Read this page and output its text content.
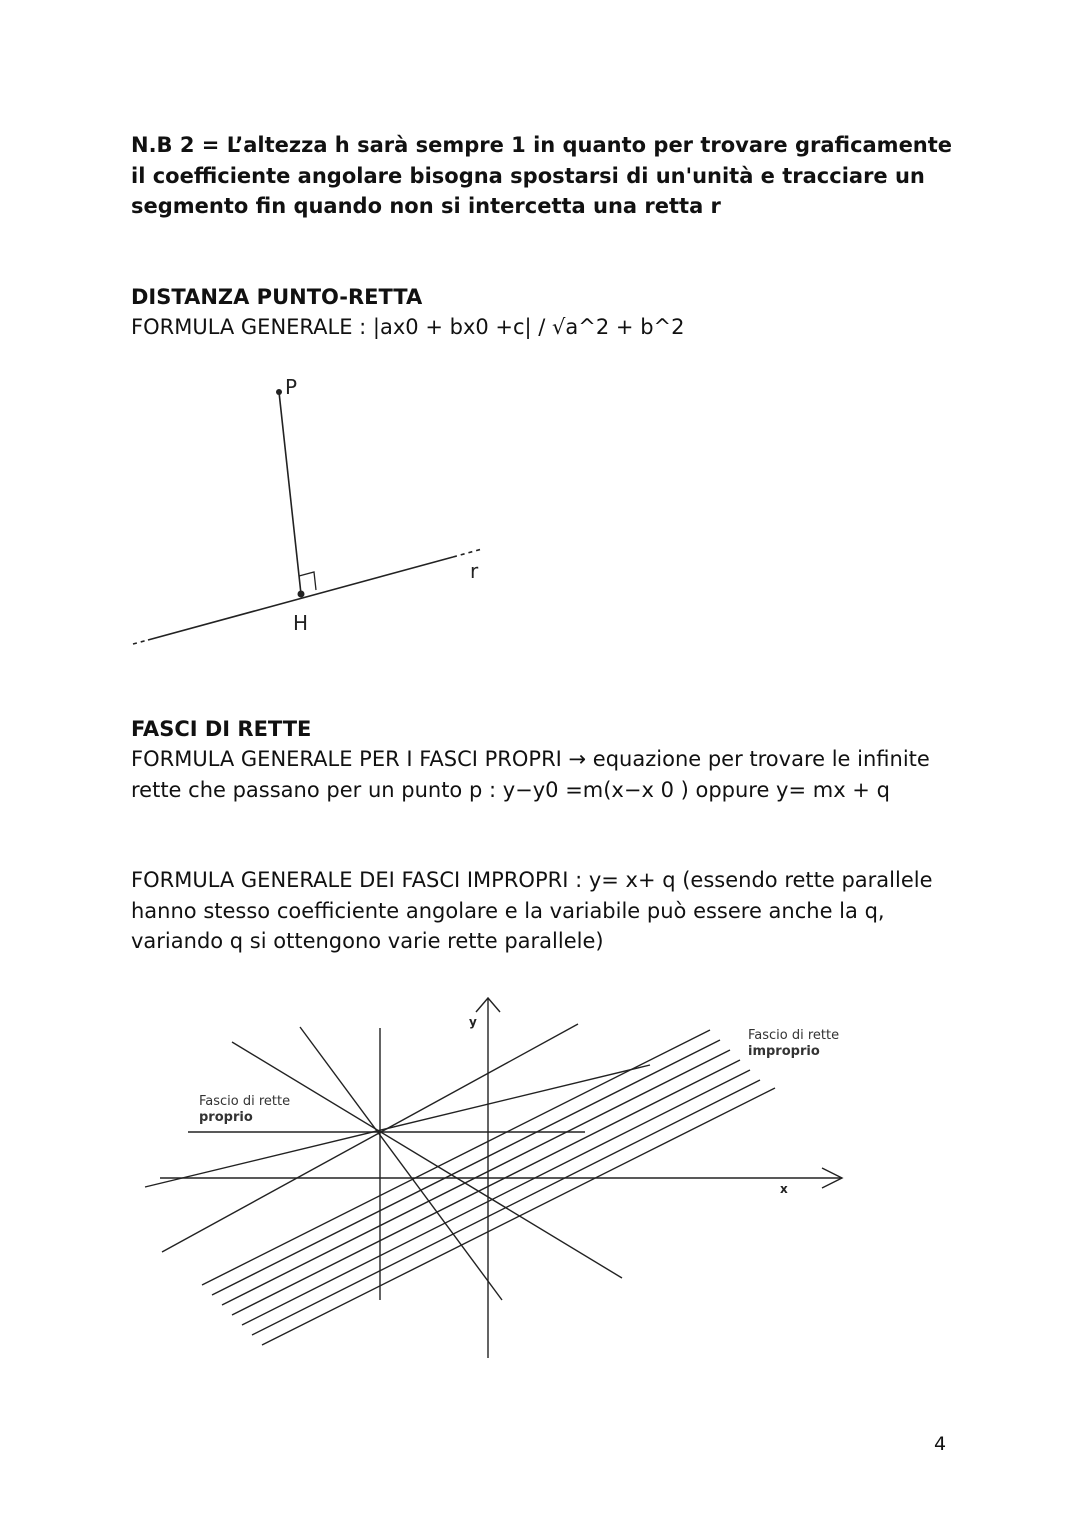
N.B 2 = L’altezza h sarà sempre 1 in quanto per trovare graficamente il coefficiente angolare bisogna spostarsi di un'unità e tracciare un segmento fin quando non si intercetta una retta r

DISTANZA PUNTO-RETTA

FORMULA GENERALE : |ax0 + bx0 +c| / √a^2 + b^2

P
H
r
FASCI DI RETTE

FORMULA GENERALE PER I FASCI PROPRI → equazione per trovare le infinite rette che passano per un punto p : y−y0 =m(x−x 0 ) oppure y= mx + q

FORMULA GENERALE DEI FASCI IMPROPRI : y= x+ q (essendo rette parallele hanno stesso coefficiente angolare e la variabile può essere anche la q, variando q si ottengono varie rette parallele)

y
x
Fascio di rette
proprio
Fascio di rette
improprio
4
